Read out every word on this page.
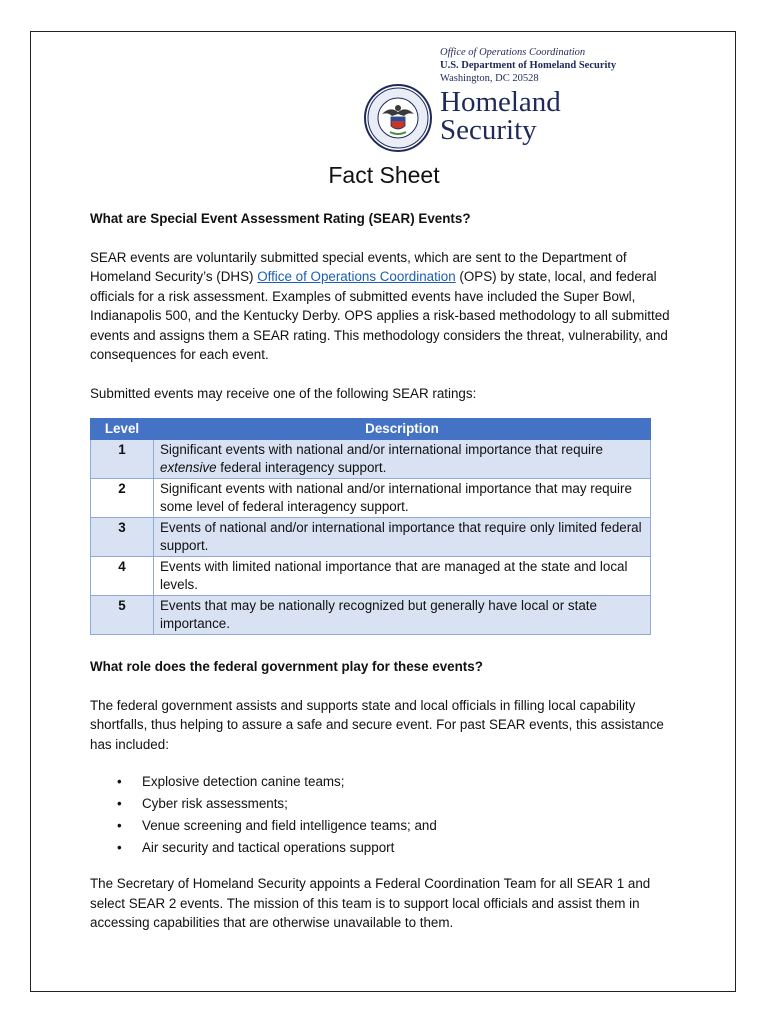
Office of Operations Coordination
U.S. Department of Homeland Security
Washington, DC 20528
Homeland
Security
Fact Sheet

What are Special Event Assessment Rating (SEAR) Events?

SEAR events are voluntarily submitted special events, which are sent to the Department of Homeland Security’s (DHS) Office of Operations Coordination (OPS) by state, local, and federal officials for a risk assessment. Examples of submitted events have included the Super Bowl, Indianapolis 500, and the Kentucky Derby. OPS applies a risk-based methodology to all submitted events and assigns them a SEAR rating. This methodology considers the threat, vulnerability, and consequences for each event.

Submitted events may receive one of the following SEAR ratings:

Level	Description
1	Significant events with national and/or international importance that require extensive federal interagency support.
2	Significant events with national and/or international importance that may require some level of federal interagency support.
3	Events of national and/or international importance that require only limited federal support.
4	Events with limited national importance that are managed at the state and local levels.
5	Events that may be nationally recognized but generally have local or state importance.

What role does the federal government play for these events?

The federal government assists and supports state and local officials in filling local capability shortfalls, thus helping to assure a safe and secure event. For past SEAR events, this assistance has included:

• Explosive detection canine teams;
• Cyber risk assessments;
• Venue screening and field intelligence teams; and
• Air security and tactical operations support

The Secretary of Homeland Security appoints a Federal Coordination Team for all SEAR 1 and select SEAR 2 events. The mission of this team is to support local officials and assist them in accessing capabilities that are otherwise unavailable to them.
